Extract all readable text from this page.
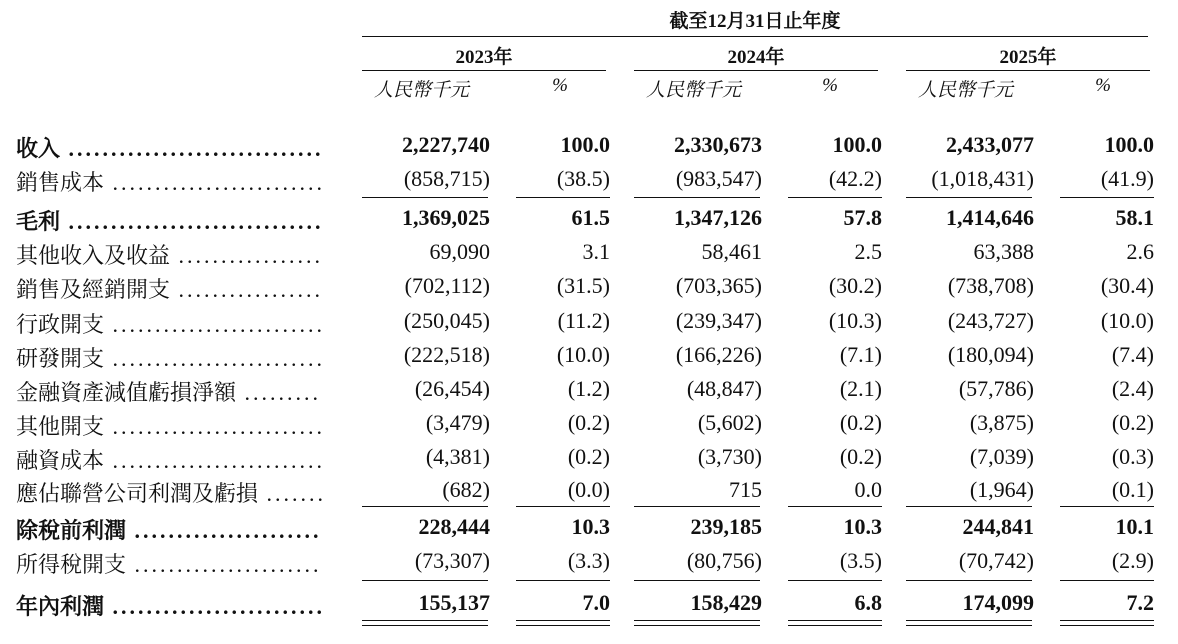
截至12月31日止年度
2023年	2024年	2025年
人民幣千元	%	人民幣千元	%	人民幣千元	%
收入 ..............................	2,227,740	100.0	2,330,673	100.0	2,433,077	100.0
銷售成本 .........................	(858,715)	(38.5)	(983,547)	(42.2)	(1,018,431)	(41.9)
毛利 ..............................	1,369,025	61.5	1,347,126	57.8	1,414,646	58.1
其他收入及收益 .................	69,090	3.1	58,461	2.5	63,388	2.6
銷售及經銷開支 .................	(702,112)	(31.5)	(703,365)	(30.2)	(738,708)	(30.4)
行政開支 .........................	(250,045)	(11.2)	(239,347)	(10.3)	(243,727)	(10.0)
研發開支 .........................	(222,518)	(10.0)	(166,226)	(7.1)	(180,094)	(7.4)
金融資產減值虧損淨額 .........	(26,454)	(1.2)	(48,847)	(2.1)	(57,786)	(2.4)
其他開支 .........................	(3,479)	(0.2)	(5,602)	(0.2)	(3,875)	(0.2)
融資成本 .........................	(4,381)	(0.2)	(3,730)	(0.2)	(7,039)	(0.3)
應佔聯營公司利潤及虧損 .......	(682)	(0.0)	715	0.0	(1,964)	(0.1)
除稅前利潤 ......................	228,444	10.3	239,185	10.3	244,841	10.1
所得稅開支 ......................	(73,307)	(3.3)	(80,756)	(3.5)	(70,742)	(2.9)
年內利潤 .........................	155,137	7.0	158,429	6.8	174,099	7.2
